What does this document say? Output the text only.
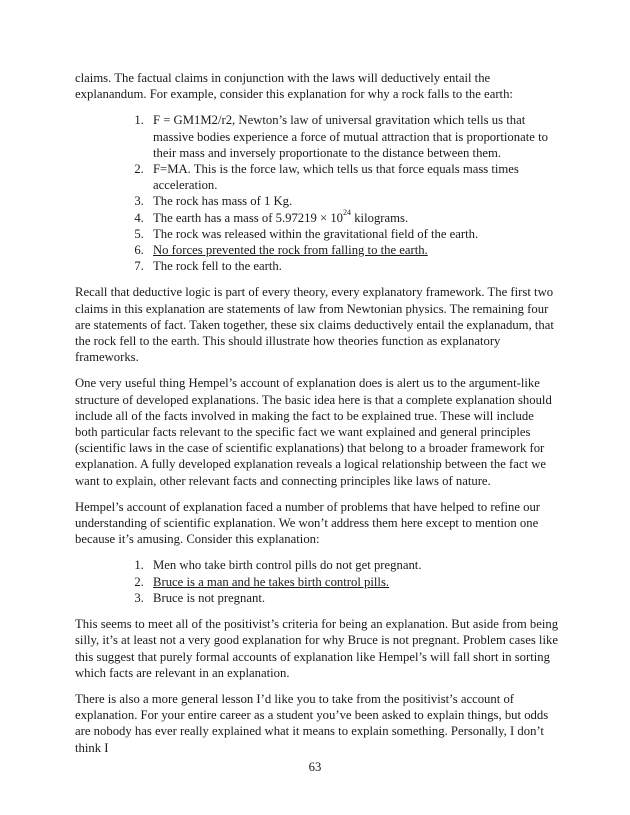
claims. The factual claims in conjunction with the laws will deductively entail the explanandum. For example, consider this explanation for why a rock falls to the earth:

1. F = GM1M2/r2, Newton’s law of universal gravitation which tells us that massive bodies experience a force of mutual attraction that is proportionate to their mass and inversely proportionate to the distance between them.
2. F=MA. This is the force law, which tells us that force equals mass times acceleration.
3. The rock has mass of 1 Kg.
4. The earth has a mass of $5.97219 \times 10^{24}$ kilograms.
5. The rock was released within the gravitational field of the earth.
6. No forces prevented the rock from falling to the earth.
7. The rock fell to the earth.

Recall that deductive logic is part of every theory, every explanatory framework. The first two claims in this explanation are statements of law from Newtonian physics. The remaining four are statements of fact. Taken together, these six claims deductively entail the explanadum, that the rock fell to the earth. This should illustrate how theories function as explanatory frameworks.

One very useful thing Hempel’s account of explanation does is alert us to the argument-like structure of developed explanations. The basic idea here is that a complete explanation should include all of the facts involved in making the fact to be explained true. These will include both particular facts relevant to the specific fact we want explained and general principles (scientific laws in the case of scientific explanations) that belong to a broader framework for explanation. A fully developed explanation reveals a logical relationship between the fact we want to explain, other relevant facts and connecting principles like laws of nature.

Hempel’s account of explanation faced a number of problems that have helped to refine our understanding of scientific explanation. We won’t address them here except to mention one because it’s amusing. Consider this explanation:

1. Men who take birth control pills do not get pregnant.
2. Bruce is a man and he takes birth control pills.
3. Bruce is not pregnant.

This seems to meet all of the positivist’s criteria for being an explanation. But aside from being silly, it’s at least not a very good explanation for why Bruce is not pregnant. Problem cases like this suggest that purely formal accounts of explanation like Hempel’s will fall short in sorting which facts are relevant in an explanation.

There is also a more general lesson I’d like you to take from the positivist’s account of explanation. For your entire career as a student you’ve been asked to explain things, but odds are nobody has ever really explained what it means to explain something. Personally, I don’t think I

63
